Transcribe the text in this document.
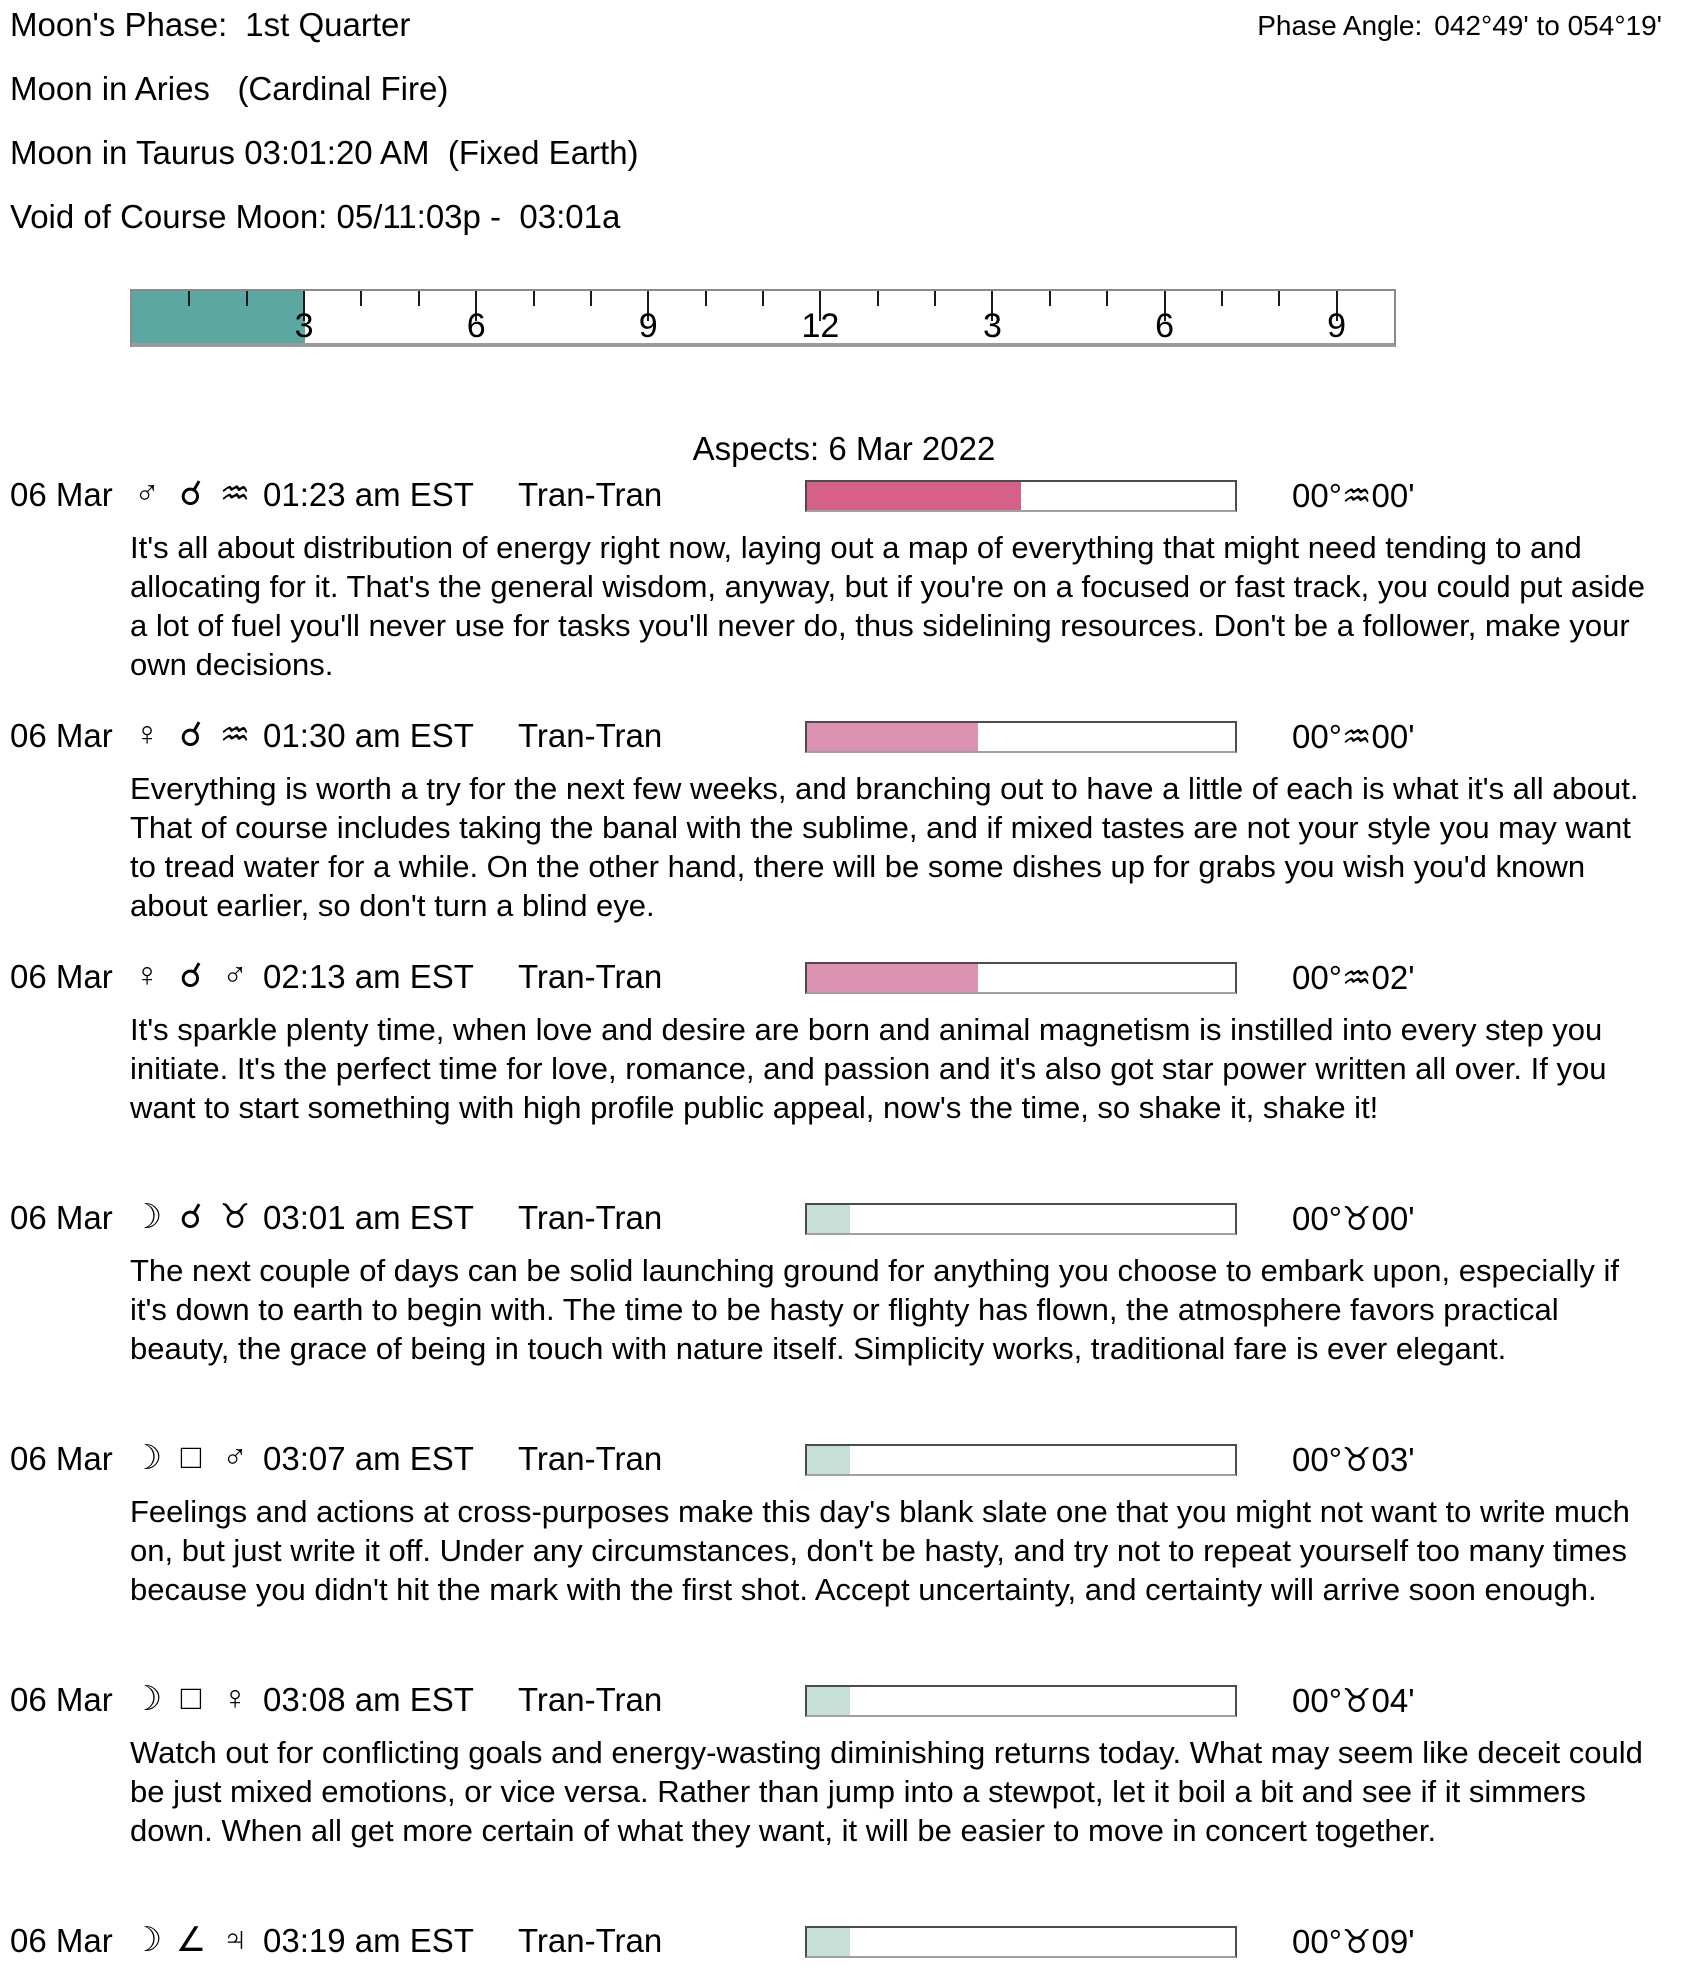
Moon's Phase: 1st Quarter	Phase Angle: 042°49' to 054°19'
Moon in Aries   (Cardinal Fire)
Moon in Taurus 03:01:20 AM  (Fixed Earth)
Void of Course Moon: 05/11:03p -  03:01a
3	6	9	12	3	6	9
Aspects: 6 Mar 2022
06 Mar ♂ ☌ ♒ 01:23 am EST Tran-Tran	00°♒00'
It's all about distribution of energy right now, laying out a map of everything that might need tending to and allocating for it. That's the general wisdom, anyway, but if you're on a focused or fast track, you could put aside a lot of fuel you'll never use for tasks you'll never do, thus sidelining resources. Don't be a follower, make your own decisions.
06 Mar ♀ ☌ ♒ 01:30 am EST Tran-Tran	00°♒00'
Everything is worth a try for the next few weeks, and branching out to have a little of each is what it's all about. That of course includes taking the banal with the sublime, and if mixed tastes are not your style you may want to tread water for a while. On the other hand, there will be some dishes up for grabs you wish you'd known about earlier, so don't turn a blind eye.
06 Mar ♀ ☌ ♂ 02:13 am EST Tran-Tran	00°♒02'
It's sparkle plenty time, when love and desire are born and animal magnetism is instilled into every step you initiate. It's the perfect time for love, romance, and passion and it's also got star power written all over. If you want to start something with high profile public appeal, now's the time, so shake it, shake it!
06 Mar ☽ ☌ ♉ 03:01 am EST Tran-Tran	00°♉00'
The next couple of days can be solid launching ground for anything you choose to embark upon, especially if it's down to earth to begin with. The time to be hasty or flighty has flown, the atmosphere favors practical beauty, the grace of being in touch with nature itself. Simplicity works, traditional fare is ever elegant.
06 Mar ☽ □ ♂ 03:07 am EST Tran-Tran	00°♉03'
Feelings and actions at cross-purposes make this day's blank slate one that you might not want to write much on, but just write it off. Under any circumstances, don't be hasty, and try not to repeat yourself too many times because you didn't hit the mark with the first shot. Accept uncertainty, and certainty will arrive soon enough.
06 Mar ☽ □ ♀ 03:08 am EST Tran-Tran	00°♉04'
Watch out for conflicting goals and energy-wasting diminishing returns today. What may seem like deceit could be just mixed emotions, or vice versa. Rather than jump into a stewpot, let it boil a bit and see if it simmers down. When all get more certain of what they want, it will be easier to move in concert together.
06 Mar ☽ ∠ ♃ 03:19 am EST Tran-Tran	00°♉09'
